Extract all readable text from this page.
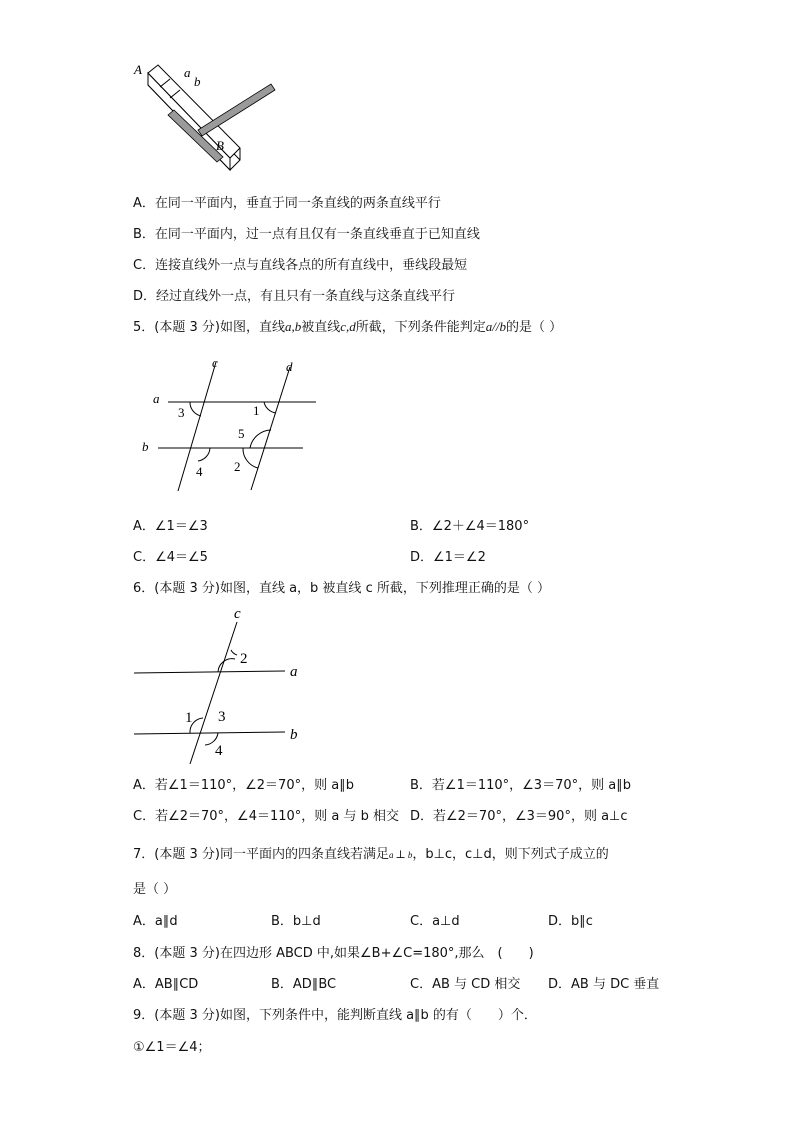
A	a
b
B
A．在同一平面内，垂直于同一条直线的两条直线平行
B．在同一平面内，过一点有且仅有一条直线垂直于已知直线
C．连接直线外一点与直线各点的所有直线中，垂线段最短
D．经过直线外一点，有且只有一条直线与这条直线平行
5．(本题 3 分)如图，直线a,b被直线c,d所截，下列条件能判定a//b的是（ ）
c	d
a
b
3	1
5
4 2
A．∠1＝∠3	B．∠2＋∠4＝180°
C．∠4＝∠5	D．∠1＝∠2
6．(本题 3 分)如图，直线 a，b 被直线 c 所截，下列推理正确的是（ ）
c
2
a
1 3
b
4
A．若∠1＝110°，∠2＝70°，则 a∥b	B．若∠1＝110°，∠3＝70°，则 a∥b
C．若∠2＝70°，∠4＝110°，则 a 与 b 相交 D．若∠2＝70°，∠3＝90°，则 a⊥c
7．(本题 3 分)同一平面内的四条直线若满足a ⊥ b，b⊥c，c⊥d，则下列式子成立的
是（ ）
A．a∥d	B．b⊥d	C．a⊥d	D．b∥c
8．(本题 3 分)在四边形 ABCD 中,如果∠B+∠C=180°,那么　(　　)
A．AB∥CD	B．AD∥BC	C．AB 与 CD 相交 D．AB 与 DC 垂直
9．(本题 3 分)如图，下列条件中，能判断直线 a∥b 的有（　　）个．
①∠1＝∠4；
